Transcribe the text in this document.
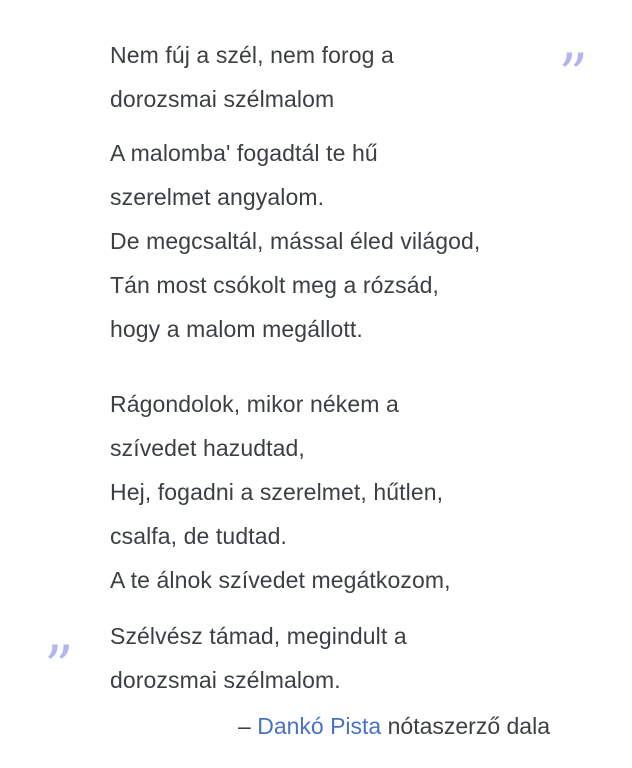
”

Nem fúj a szél, nem forog a
dorozsmai szélmalom

A malomba' fogadtál te hű
szerelmet angyalom.
De megcsaltál, mással éled világod,
Tán most csókolt meg a rózsád,
hogy a malom megállott.

Rágondolok, mikor nékem a
szívedet hazudtad,
Hej, fogadni a szerelmet, hűtlen,
csalfa, de tudtad.
A te álnok szívedet megátkozom,

Szélvész támad, megindult a
dorozsmai szélmalom.

– Dankó Pista nótaszerző dala
”
